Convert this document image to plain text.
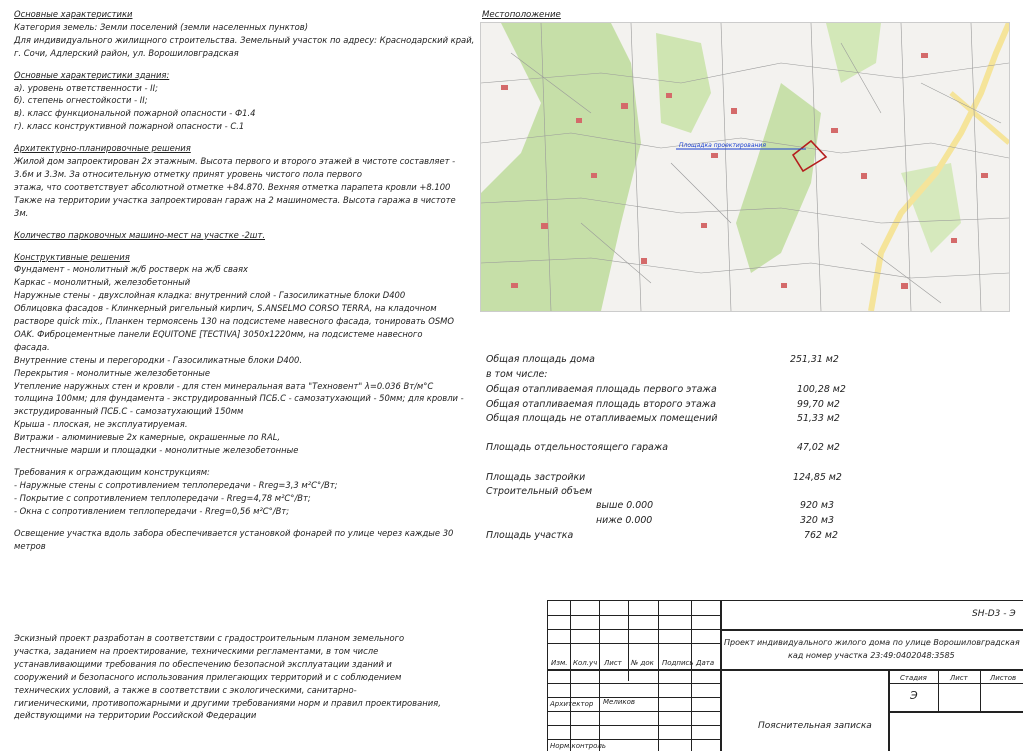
Основные характеристики

Категория земель: Земли поселений (земли населенных пунктов)

Для индивидуального жилищного строительства. Земельный участок по адресу: Краснодарский край,

г. Сочи, Адлерский район, ул. Ворошиловградская

Основные характеристики здания:

а). уровень ответственности - II;

б). степень огнестойкости - II;

в). класс функциональной пожарной опасности - Ф1.4

г). класс конструктивной пожарной опасности - С.1

Архитектурно-планировочные решения

Жилой дом запроектирован 2х этажным. Высота первого и второго этажей в чистоте составляет -

3.6м и 3.3м. За относительную отметку принят уровень чистого пола первого

этажа, что соответствует абсолютной отметке +84.870. Вехняя отметка парапета кровли +8.100

Также на территории участка запроектирован гараж на 2 машиноместа. Высота гаража в чистоте

3м.

Количество парковочных машино-мест на участке -2шт.

Конструктивные решения

Фундамент - монолитный ж/б ростверк на ж/б сваях

Каркас - монолитный, железобетонный

Наружные стены - двухслойная кладка: внутренний слой - Газосиликатные блоки D400

Облицовка фасадов - Клинкерный ригельный кирпич, S.ANSELMO CORSO TERRA, на кладочном

растворе quick mix., Планкен термоясень 130 на подсистеме навесного фасада, тонировать OSMO

OAK. Фиброцементные панели EQUITONE [TECTIVA] 3050х1220мм, на подсистеме навесного

фасада.

Внутренние стены и перегородки - Газосиликатные блоки D400.

Перекрытия - монолитные железобетонные

Утепление наружных стен и кровли - для стен минеральная вата "Техновент" λ=0.036 Вт/м°С

толщина 100мм; для фундамента - экструдированный ПСБ.С - самозатухающий - 50мм; для кровли -

экструдированный ПСБ.С - самозатухающий 150мм

Крыша - плоская, не эксплуатируемая.

Витражи - алюминиевые 2х камерные, окрашенные по RAL,

Лестничные марши и площадки - монолитные железобетонные

Требования к ограждающим конструкциям:

- Наружные стены с сопротивлением теплопередачи - Rreg=3,3 м²С°/Вт;

- Покрытие с сопротивлением теплопередачи - Rreg=4,78 м²С°/Вт;

- Окна с сопротивлением теплопередачи - Rreg=0,56 м²С°/Вт;

Освещение участка вдоль забора обеспечивается установкой фонарей по улице через каждые 30

метров

Эскизный проект разработан в соответствии с градостроительным планом земельного

участка, заданием на проектирование, техническими регламентами, в том числе

устанавливающими требования по обеспечению безопасной эксплуатации зданий и

сооружений и безопасного использования прилегающих территорий и с соблюдением

технических условий, а также в соответствии с экологическими, санитарно-

гигиеническими, противопожарными и другими требованиями норм и правил проектирования,

действующими на территории Российской Федерации

Местоположение
Площадка проектирования
Общая площадь дома	251,31 м2
в том числе:
Общая отапливаемая площадь первого этажа	100,28 м2
Общая отапливаемая площадь второго этажа	99,70 м2
Общая площадь не отапливаемых помещений	51,33 м2
Площадь отдельностоящего гаража	47,02 м2
Площадь застройки	124,85 м2
Строительный объем
выше 0.000	920 м3
ниже 0.000	320 м3
Площадь участка	762 м2
SH-D3 - Э
Проект индивидуального жилого дома по улице Ворошиловградская
кад номер участка 23:49:0402048:3585
Изм. Кол.уч Лист № док Подпись Дата
Архитектор Меликов
Норм.контроль
Стадия	Лист	Листов
Э
Пояснительная записка
